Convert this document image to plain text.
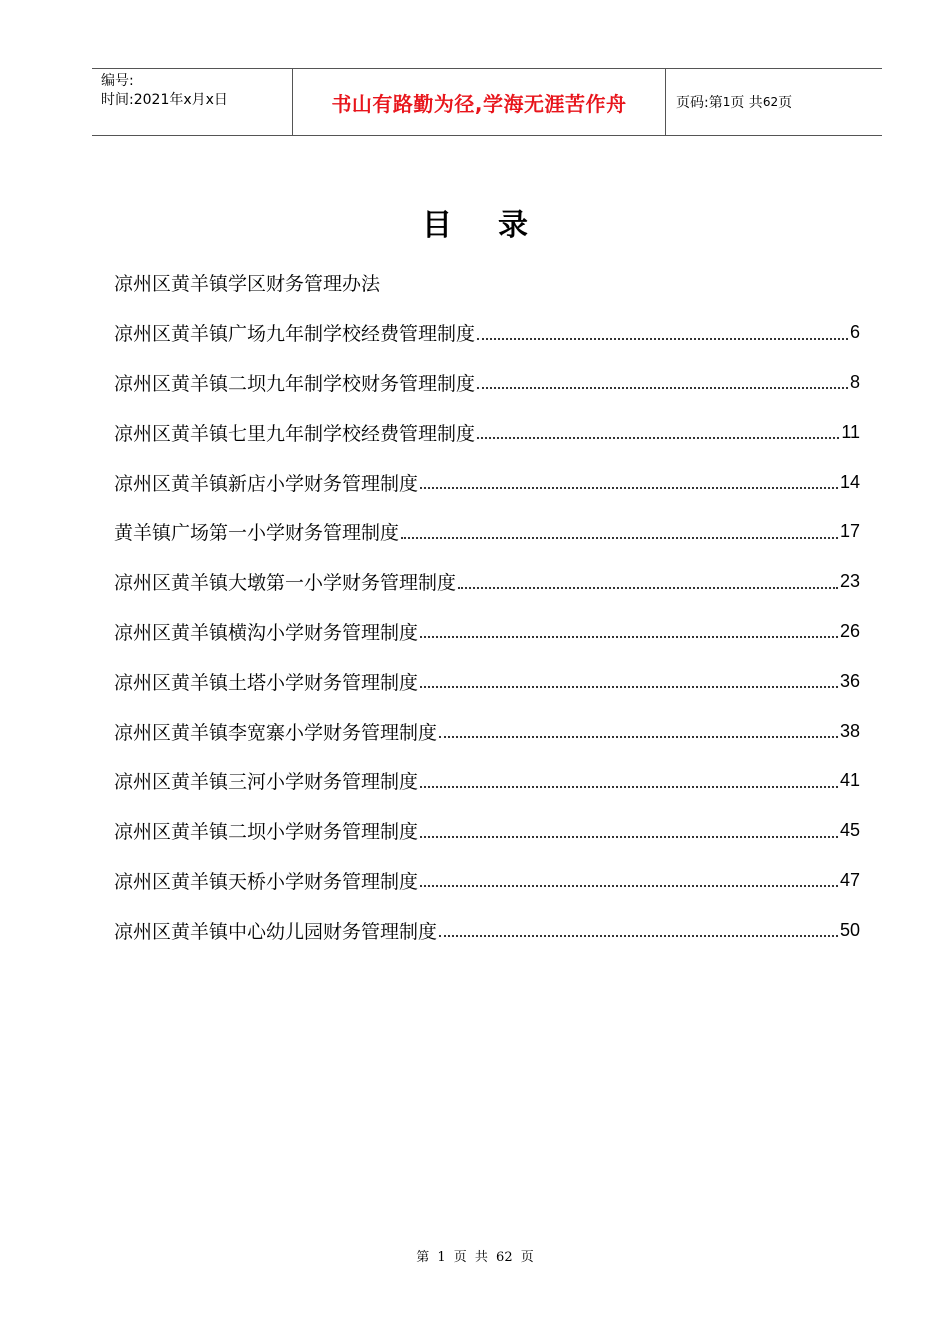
编号:
时间:2021年x月x日	书山有路勤为径,学海无涯苦作舟	页码:第 1 页 共 62 页
目录
凉州区黄羊镇学区财务管理办法
凉州区黄羊镇广场九年制学校经费管理制度	6
凉州区黄羊镇二坝九年制学校财务管理制度	8
凉州区黄羊镇七里九年制学校经费管理制度	11
凉州区黄羊镇新店小学财务管理制度	14
黄羊镇广场第一小学财务管理制度	17
凉州区黄羊镇大墩第一小学财务管理制度	23
凉州区黄羊镇横沟小学财务管理制度	26
凉州区黄羊镇土塔小学财务管理制度	36
凉州区黄羊镇李宽寨小学财务管理制度	38
凉州区黄羊镇三河小学财务管理制度	41
凉州区黄羊镇二坝小学财务管理制度	45
凉州区黄羊镇天桥小学财务管理制度	47
凉州区黄羊镇中心幼儿园财务管理制度	50
第 1 页 共 62 页
